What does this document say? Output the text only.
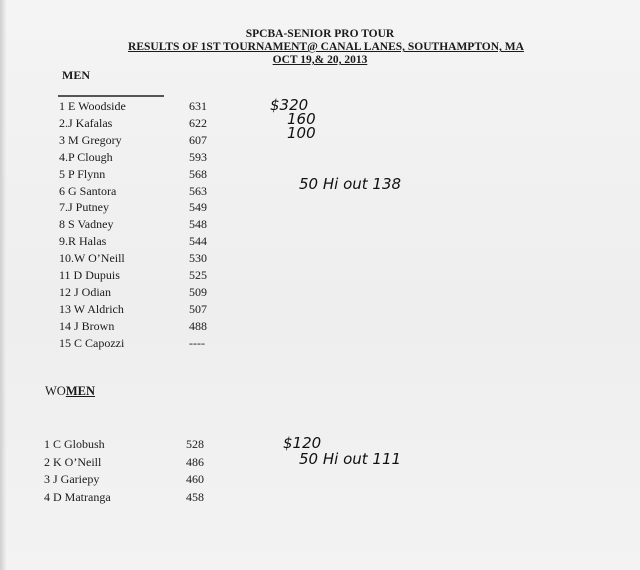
SPCBA-SENIOR PRO TOUR
RESULTS OF 1ST TOURNAMENT@ CANAL LANES, SOUTHAMPTON, MA
OCT 19,& 20, 2013
MEN
1 E Woodside	631
2.J Kafalas	622
3 M Gregory	607
4.P Clough	593
5 P Flynn	568
6 G Santora	563
7.J Putney	549
8 S Vadney	548
9.R Halas	544
10.W O’Neill	530
11 D Dupuis	525
12 J Odian	509
13 W Aldrich	507
14 J Brown	488
15 C Capozzi	----
WOMEN
1 C Globush	528
2 K O’Neill	486
3 J Gariepy	460
4 D Matranga	458
$320
160
100
50 Hi out 138
$120
50 Hi out 111
